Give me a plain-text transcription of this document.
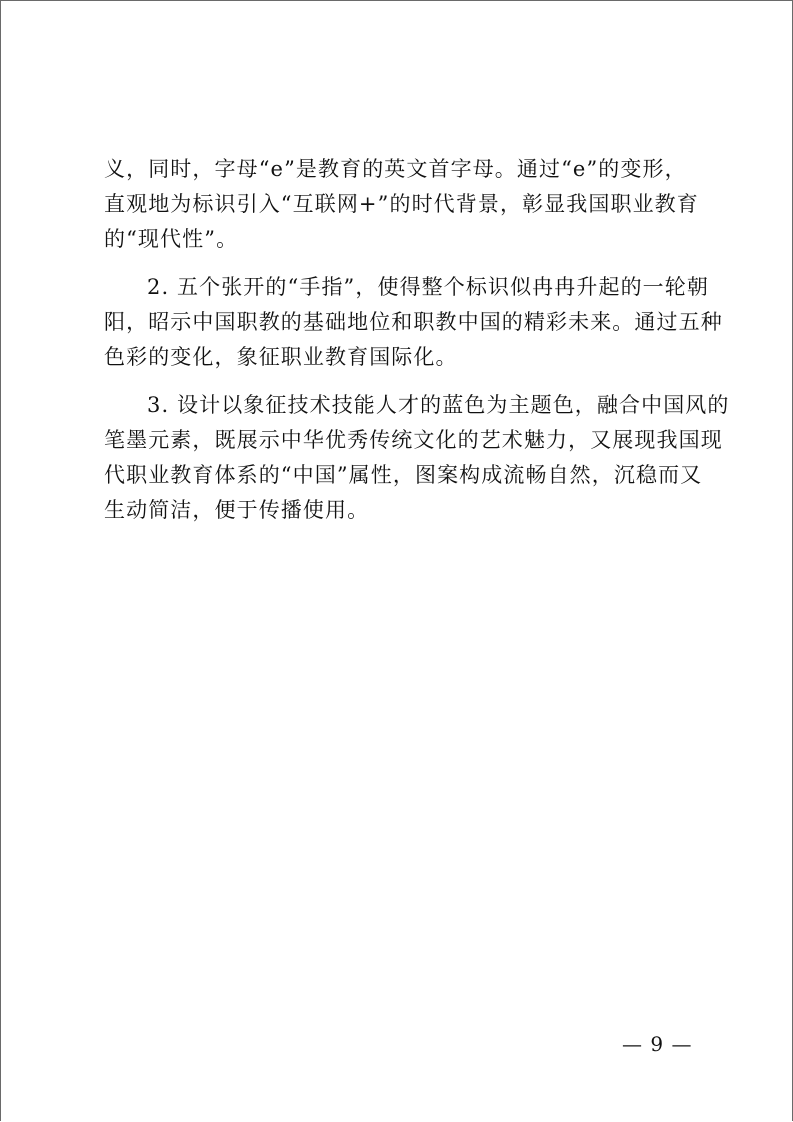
义，同时，字母“e”是教育的英文首字母。通过“e”的变形，
直观地为标识引入“互联网+”的时代背景，彰显我国职业教育
的“现代性”。
2. 五个张开的“手指”，使得整个标识似冉冉升起的一轮朝
阳，昭示中国职教的基础地位和职教中国的精彩未来。通过五种
色彩的变化，象征职业教育国际化。
3. 设计以象征技术技能人才的蓝色为主题色，融合中国风的
笔墨元素，既展示中华优秀传统文化的艺术魅力，又展现我国现
代职业教育体系的“中国”属性，图案构成流畅自然，沉稳而又
生动简洁，便于传播使用。
— 9 —
